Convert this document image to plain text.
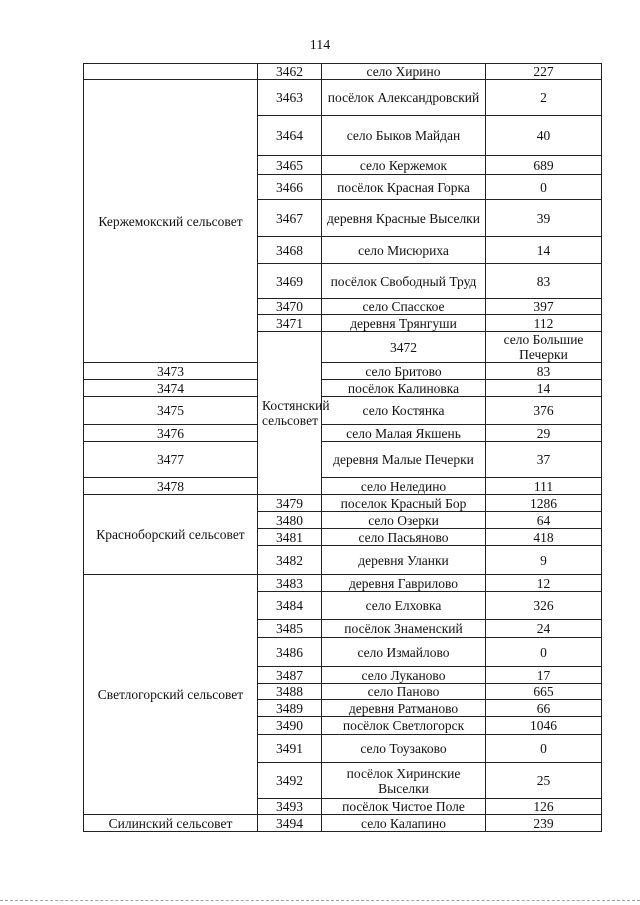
114
	3462	село Хирино	227	
Кержемокский сельсовет	3463	посёлок Александровский	2	
	3464	село Быков Майдан	40	
	3465	село Кержемок	689	
	3466	посёлок Красная Горка	0	
	3467	деревня Красные Выселки	39	
	3468	село Мисюриха	14	
	3469	посёлок Свободный Труд	83	
	3470	село Спасское	397	
	3471	деревня Трянгуши	112	
	Костянский сельсовет	3472	село Большие Печерки	
3473		село Бритово	83	
3474		посёлок Калиновка	14	
3475		село Костянка	376	
3476		село Малая Якшень	29	
3477		деревня Малые Печерки	37	
3478		село Неледино	111	
Красноборский сельсовет	3479	поселок Красный Бор	1286	
	3480	село Озерки	64	
	3481	село Пасьяново	418	
	3482	деревня Уланки	9	
Светлогорский сельсовет	3483	деревня Гаврилово	12	
	3484	село Елховка	326	
	3485	посёлок Знаменский	24	
	3486	село Измайлово	0	
	3487	село Луканово	17	
	3488	село Паново	665	
	3489	деревня Ратманово	66	
	3490	посёлок Светлогорск	1046	
	3491	село Тоузаково	0	
	3492	посёлок Хиринские Выселки	25	
	3493	посёлок Чистое Поле	126	
Силинский сельсовет	3494	село Калапино	239	
